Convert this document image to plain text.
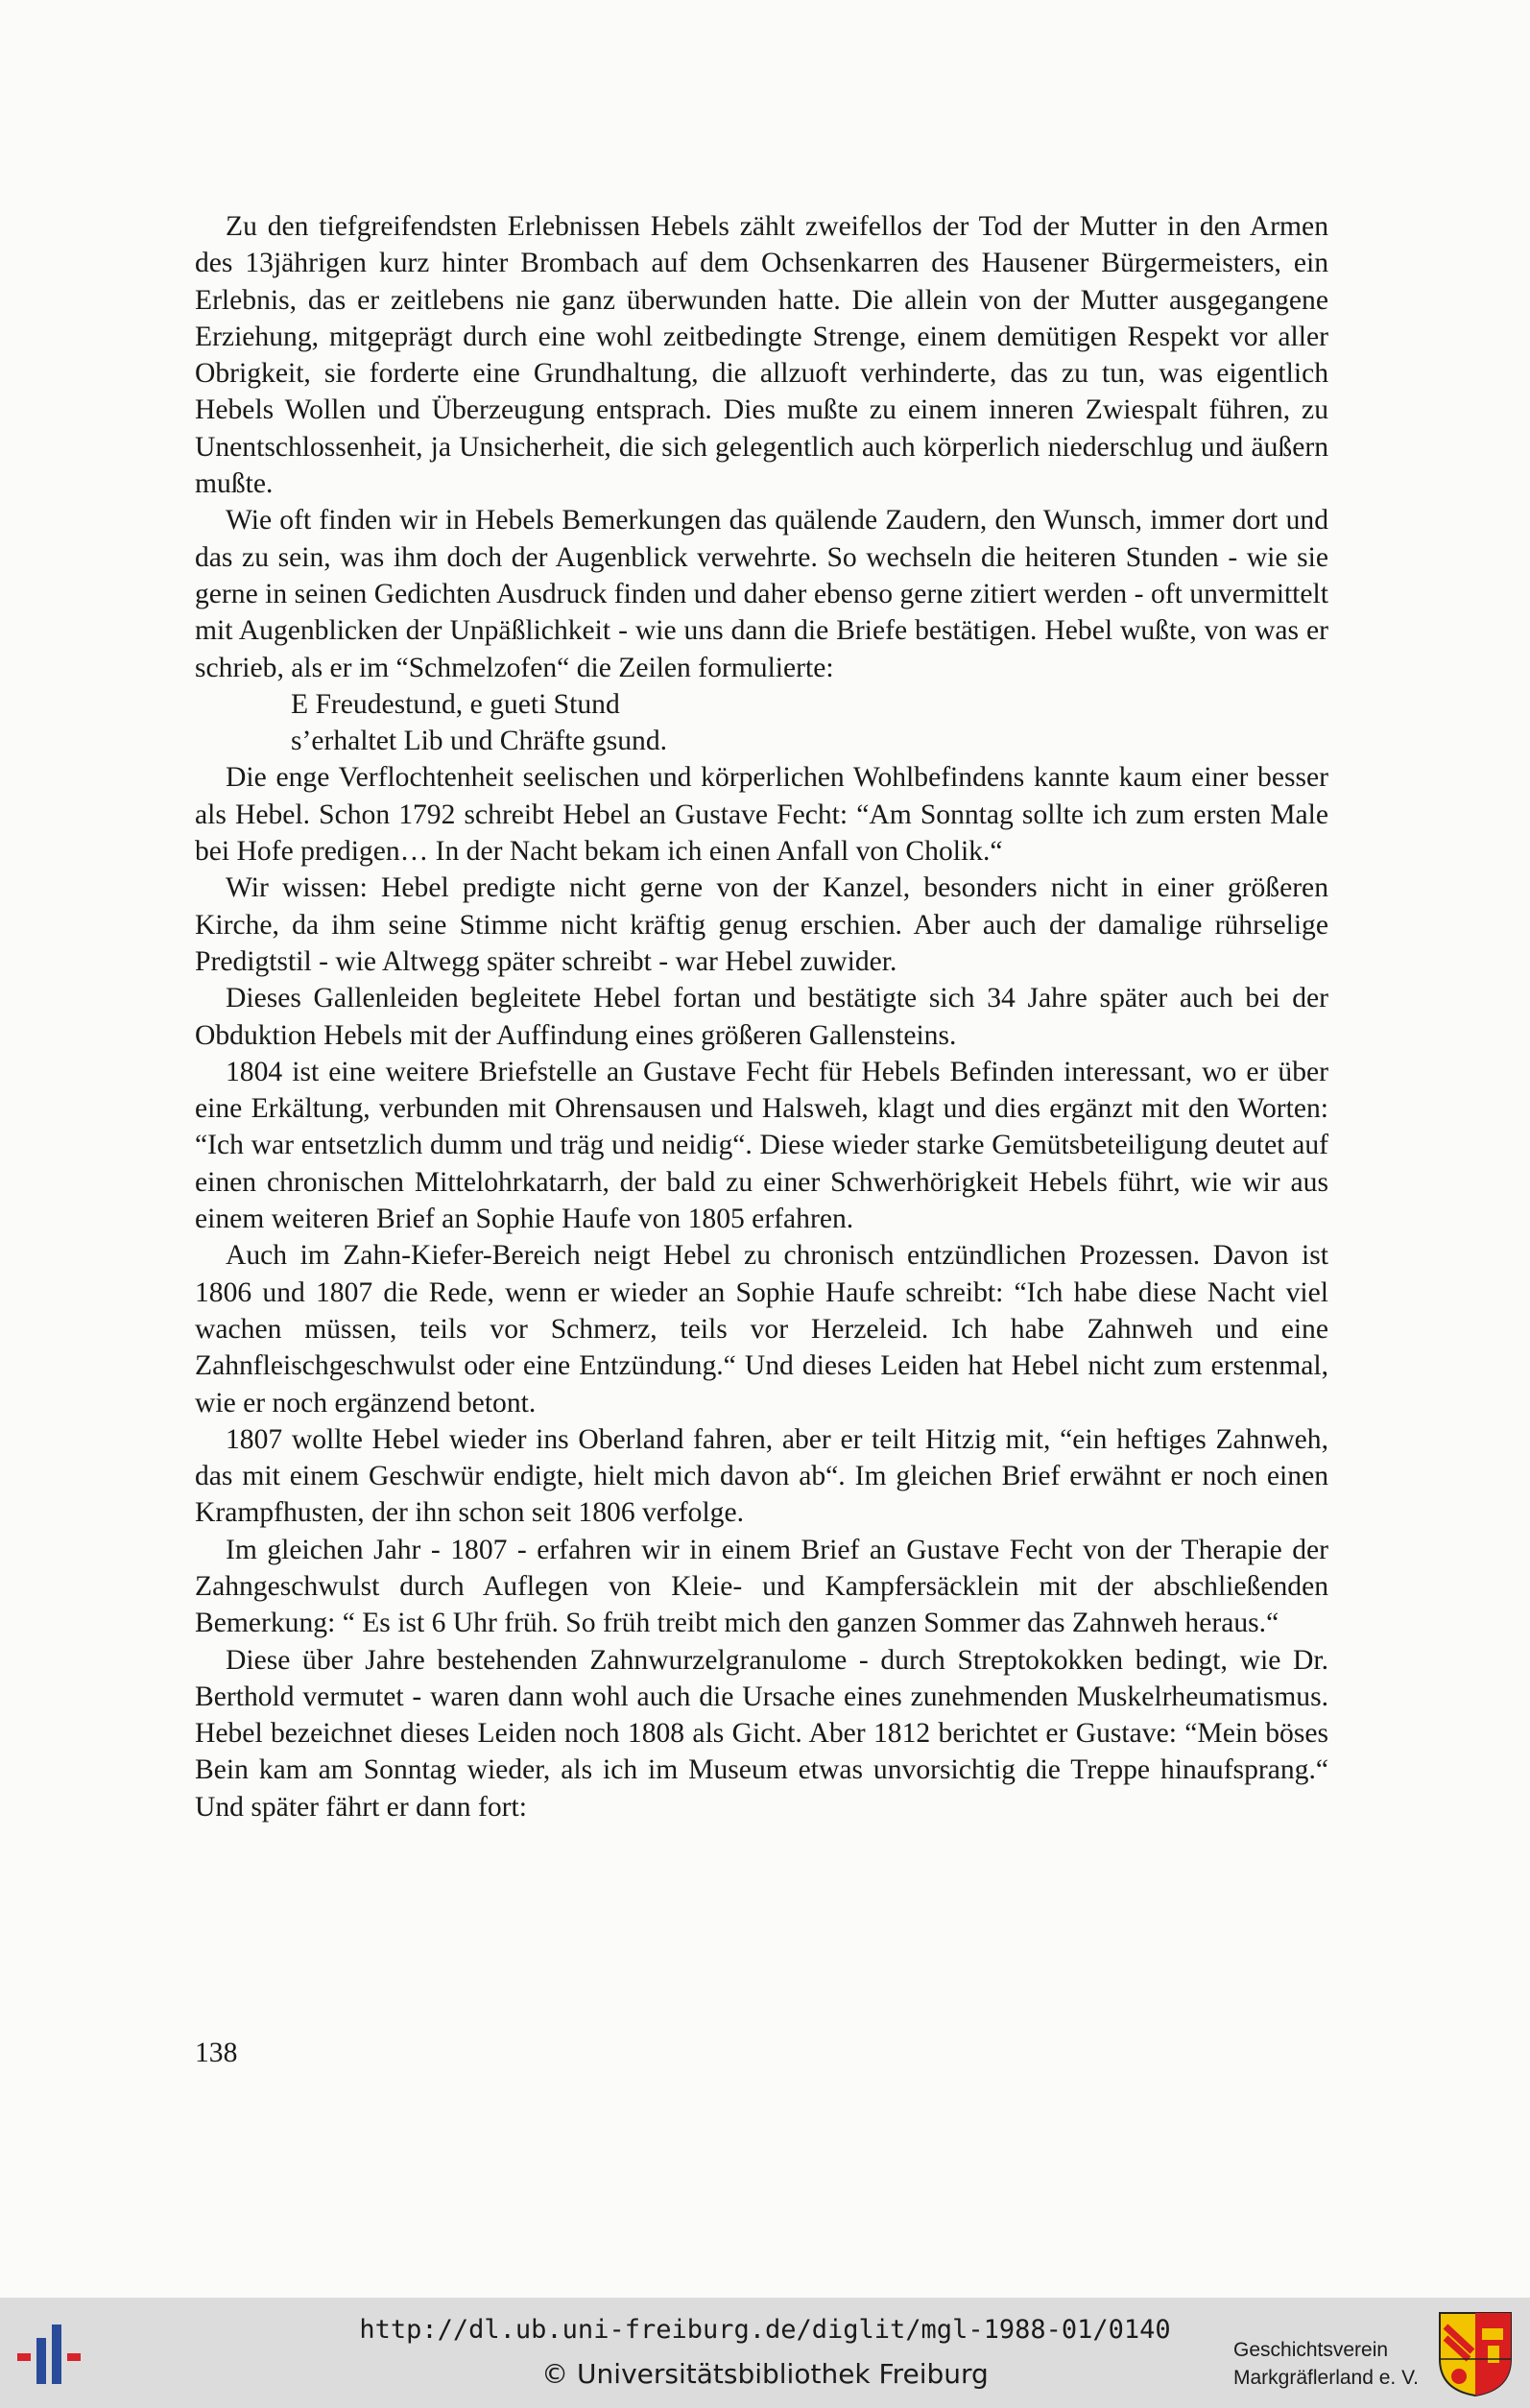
Zu den tiefgreifendsten Erlebnissen Hebels zählt zweifellos der Tod der Mutter in den Armen des 13jährigen kurz hinter Brombach auf dem Ochsenkarren des Hausener Bürgermeisters, ein Erlebnis, das er zeitlebens nie ganz überwunden hatte. Die allein von der Mutter ausgegangene Erziehung, mitgeprägt durch eine wohl zeitbedingte Strenge, einem demütigen Respekt vor aller Obrigkeit, sie forderte eine Grundhaltung, die allzuoft verhinderte, das zu tun, was eigentlich Hebels Wollen und Überzeugung entsprach. Dies mußte zu einem inneren Zwiespalt führen, zu Unentschlossenheit, ja Unsicherheit, die sich gelegentlich auch körperlich niederschlug und äußern mußte.

Wie oft finden wir in Hebels Bemerkungen das quälende Zaudern, den Wunsch, immer dort und das zu sein, was ihm doch der Augenblick verwehrte. So wechseln die heiteren Stunden - wie sie gerne in seinen Gedichten Ausdruck finden und daher ebenso gerne zitiert werden - oft unvermittelt mit Augenblicken der Unpäßlichkeit - wie uns dann die Briefe bestätigen. Hebel wußte, von was er schrieb, als er im “Schmelzofen“ die Zeilen formulierte:

E Freudestund, e gueti Stund
s’erhaltet Lib und Chräfte gsund.

Die enge Verflochtenheit seelischen und körperlichen Wohlbefindens kannte kaum einer besser als Hebel. Schon 1792 schreibt Hebel an Gustave Fecht: “Am Sonntag sollte ich zum ersten Male bei Hofe predigen… In der Nacht bekam ich einen Anfall von Cholik.“

Wir wissen: Hebel predigte nicht gerne von der Kanzel, besonders nicht in einer größeren Kirche, da ihm seine Stimme nicht kräftig genug erschien. Aber auch der damalige rührselige Predigtstil - wie Altwegg später schreibt - war Hebel zuwider.

Dieses Gallenleiden begleitete Hebel fortan und bestätigte sich 34 Jahre später auch bei der Obduktion Hebels mit der Auffindung eines größeren Gallensteins.

1804 ist eine weitere Briefstelle an Gustave Fecht für Hebels Befinden interessant, wo er über eine Erkältung, verbunden mit Ohrensausen und Halsweh, klagt und dies ergänzt mit den Worten: “Ich war entsetzlich dumm und träg und neidig“. Diese wieder starke Gemütsbeteiligung deutet auf einen chronischen Mittelohrkatarrh, der bald zu einer Schwerhörigkeit Hebels führt, wie wir aus einem weiteren Brief an Sophie Haufe von 1805 erfahren.

Auch im Zahn-Kiefer-Bereich neigt Hebel zu chronisch entzündlichen Prozessen. Davon ist 1806 und 1807 die Rede, wenn er wieder an Sophie Haufe schreibt: “Ich habe diese Nacht viel wachen müssen, teils vor Schmerz, teils vor Herzeleid. Ich habe Zahnweh und eine Zahnfleischgeschwulst oder eine Entzündung.“ Und dieses Leiden hat Hebel nicht zum erstenmal, wie er noch ergänzend betont.

1807 wollte Hebel wieder ins Oberland fahren, aber er teilt Hitzig mit, “ein heftiges Zahnweh, das mit einem Geschwür endigte, hielt mich davon ab“. Im gleichen Brief erwähnt er noch einen Krampfhusten, der ihn schon seit 1806 verfolge.

Im gleichen Jahr - 1807 - erfahren wir in einem Brief an Gustave Fecht von der Therapie der Zahngeschwulst durch Auflegen von Kleie- und Kampfersäcklein mit der abschließenden Bemerkung: “ Es ist 6 Uhr früh. So früh treibt mich den ganzen Sommer das Zahnweh heraus.“

Diese über Jahre bestehenden Zahnwurzelgranulome - durch Streptokokken bedingt, wie Dr. Berthold vermutet - waren dann wohl auch die Ursache eines zunehmenden Muskelrheumatismus. Hebel bezeichnet dieses Leiden noch 1808 als Gicht. Aber 1812 berichtet er Gustave: “Mein böses Bein kam am Sonntag wieder, als ich im Museum etwas unvorsichtig die Treppe hinaufsprang.“ Und später fährt er dann fort:

138
http://dl.ub.uni-freiburg.de/diglit/mgl-1988-01/0140
© Universitätsbibliothek Freiburg
Geschichtsverein
Markgräflerland e. V.
